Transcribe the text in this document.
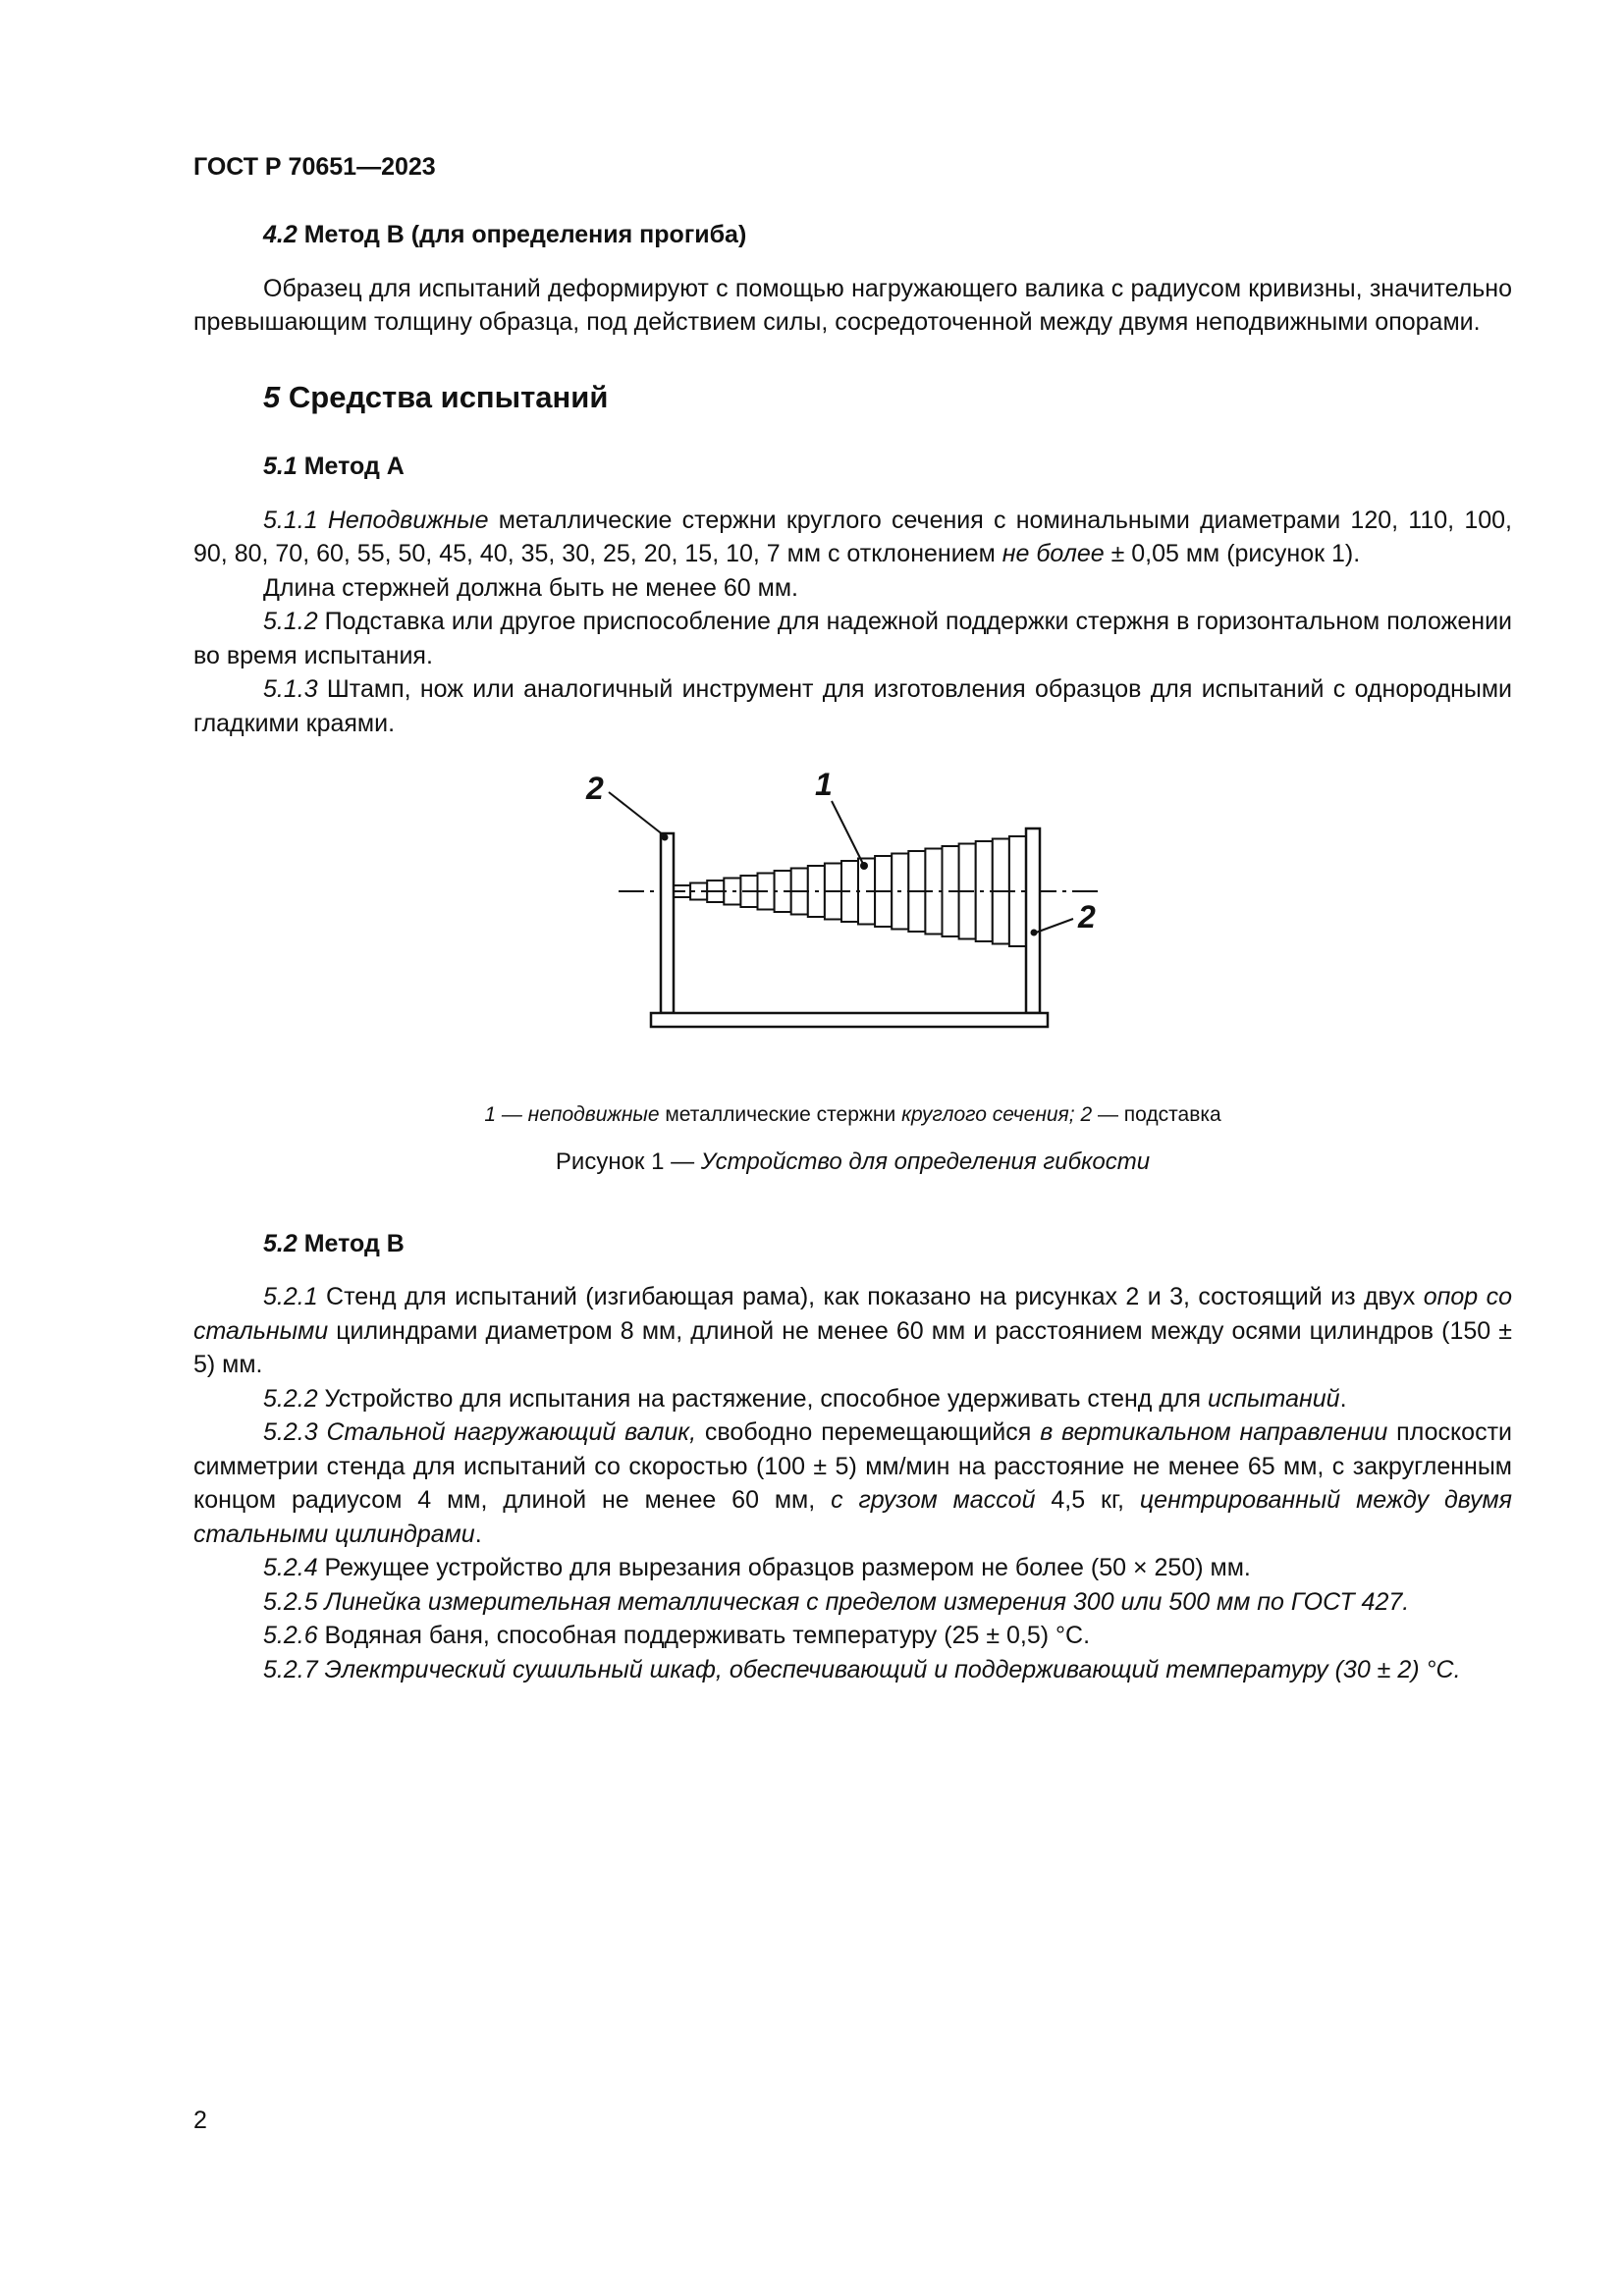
ГОСТ Р 70651—2023

4.2 Метод В (для определения прогиба)

Образец для испытаний деформируют с помощью нагружающего валика с радиусом кривизны, значительно превышающим толщину образца, под действием силы, сосредоточенной между двумя неподвижными опорами.

5 Средства испытаний

5.1 Метод А

5.1.1 Неподвижные металлические стержни круглого сечения с номинальными диаметрами 120, 110, 100, 90, 80, 70, 60, 55, 50, 45, 40, 35, 30, 25, 20, 15, 10, 7 мм с отклонением не более ± 0,05 мм (рисунок 1).

Длина стержней должна быть не менее 60 мм.

5.1.2 Подставка или другое приспособление для надежной поддержки стержня в горизонтальном положении во время испытания.

5.1.3 Штамп, нож или аналогичный инструмент для изготовления образцов для испытаний с однородными гладкими краями.

1
2
2

1 — неподвижные металлические стержни круглого сечения; 2 — подставка

Рисунок 1 — Устройство для определения гибкости

5.2 Метод В

5.2.1 Стенд для испытаний (изгибающая рама), как показано на рисунках 2 и 3, состоящий из двух опор со стальными цилиндрами диаметром 8 мм, длиной не менее 60 мм и расстоянием между осями цилиндров (150 ± 5) мм.

5.2.2 Устройство для испытания на растяжение, способное удерживать стенд для испытаний.

5.2.3 Стальной нагружающий валик, свободно перемещающийся в вертикальном направлении плоскости симметрии стенда для испытаний со скоростью (100 ± 5) мм/мин на расстояние не менее 65 мм, с закругленным концом радиусом 4 мм, длиной не менее 60 мм, с грузом массой 4,5 кг, центрированный между двумя стальными цилиндрами.

5.2.4 Режущее устройство для вырезания образцов размером не более (50 × 250) мм.

5.2.5 Линейка измерительная металлическая с пределом измерения 300 или 500 мм по ГОСТ 427.

5.2.6 Водяная баня, способная поддерживать температуру (25 ± 0,5) °С.

5.2.7 Электрический сушильный шкаф, обеспечивающий и поддерживающий температуру (30 ± 2) °С.

2
